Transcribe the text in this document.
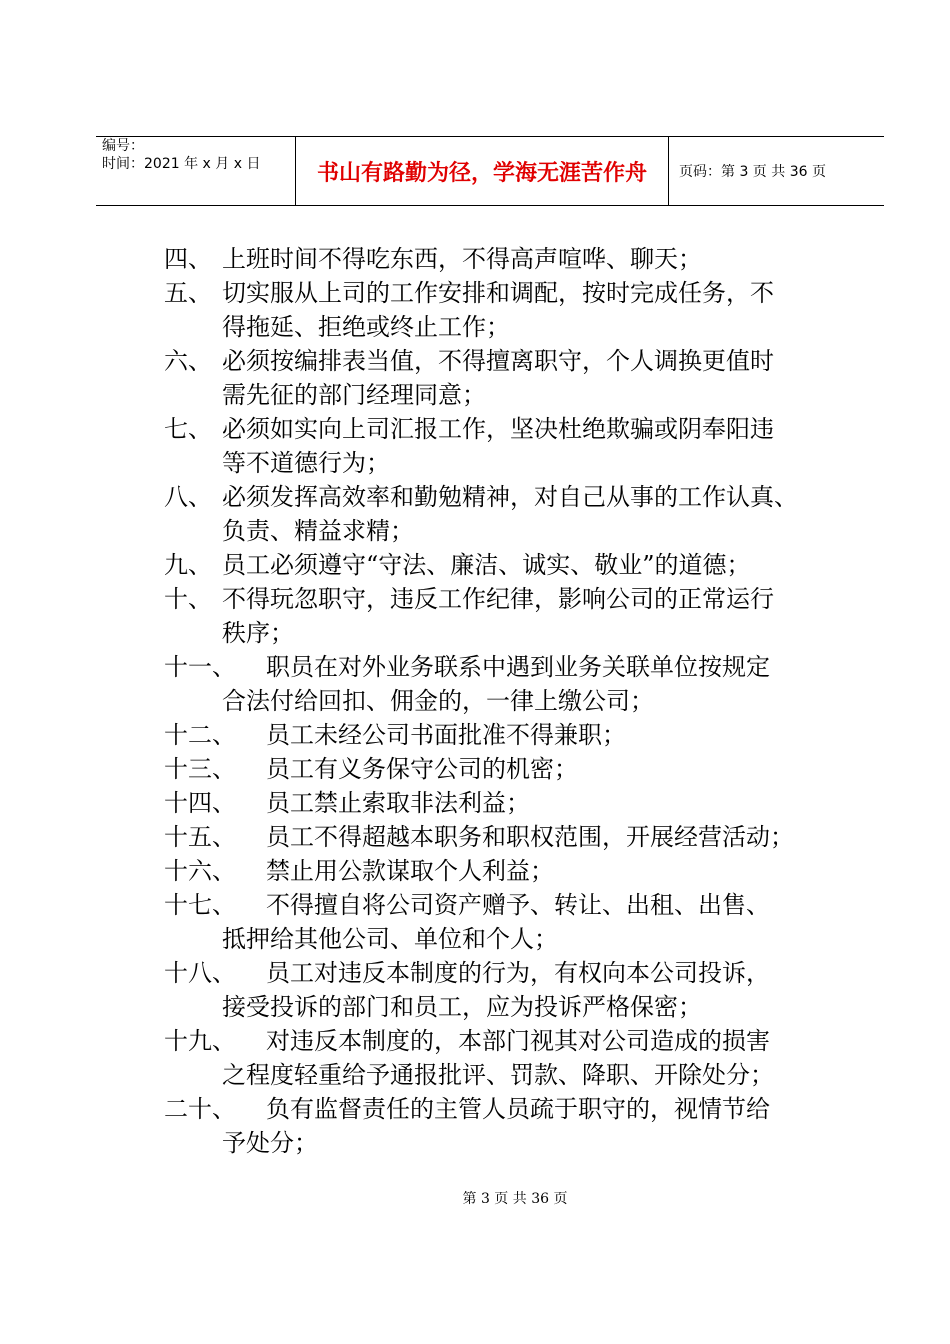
编号：
时间：2021 年 x 月 x 日	书山有路勤为径，学海无涯苦作舟	页码：第 3 页 共 36 页
四、 上班时间不得吃东西，不得高声喧哗、聊天；
五、 切实服从上司的工作安排和调配，按时完成任务，不
得拖延、拒绝或终止工作；
六、 必须按编排表当值，不得擅离职守，个人调换更值时
需先征的部门经理同意；
七、 必须如实向上司汇报工作，坚决杜绝欺骗或阴奉阳违
等不道德行为；
八、 必须发挥高效率和勤勉精神，对自己从事的工作认真、
负责、精益求精；
九、 员工必须遵守“守法、廉洁、诚实、敬业”的道德；
十、 不得玩忽职守，违反工作纪律，影响公司的正常运行
秩序；
十一、	职员在对外业务联系中遇到业务关联单位按规定
合法付给回扣、佣金的，一律上缴公司；
十二、	员工未经公司书面批准不得兼职；
十三、	员工有义务保守公司的机密；
十四、	员工禁止索取非法利益；
十五、	员工不得超越本职务和职权范围，开展经营活动；
十六、	禁止用公款谋取个人利益；
十七、	不得擅自将公司资产赠予、转让、出租、出售、
抵押给其他公司、单位和个人；
十八、	员工对违反本制度的行为，有权向本公司投诉，
接受投诉的部门和员工，应为投诉严格保密；
十九、	对违反本制度的，本部门视其对公司造成的损害
之程度轻重给予通报批评、罚款、降职、开除处分；
二十、	负有监督责任的主管人员疏于职守的，视情节给
予处分；
第 3 页 共 36 页
